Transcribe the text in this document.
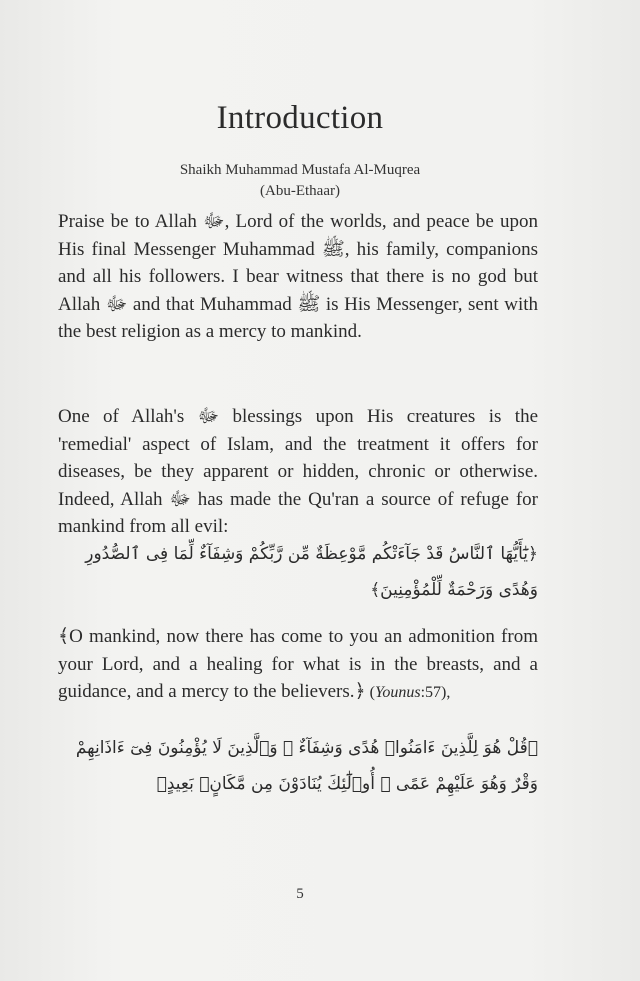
Introduction
Shaikh Muhammad Mustafa Al-Muqrea
(Abu-Ethaar)
Praise be to Allah ﷻ, Lord of the worlds, and peace be upon His final Messenger Muhammad ﷺ, his family, companions and all his followers. I bear witness that there is no god but Allah ﷻ and that Muhammad ﷺ is His Messenger, sent with the best religion as a mercy to mankind.
One of Allah's ﷻ blessings upon His creatures is the 'remedial' aspect of Islam, and the treatment it offers for diseases, be they apparent or hidden, chronic or otherwise. Indeed, Allah ﷻ has made the Qu'ran a source of refuge for mankind from all evil:
﴿يَٰٓأَيُّهَا ٱلنَّاسُ قَدْ جَآءَتْكُم مَّوْعِظَةٌ مِّن رَّبِّكُمْ وَشِفَآءٌ لِّمَا فِى ٱلصُّدُورِ وَهُدًى وَرَحْمَةٌ لِّلْمُؤْمِنِينَ﴾
﴾O mankind, now there has come to you an admonition from your Lord, and a healing for what is in the breasts, and a guidance, and a mercy to the believers.﴿ (Younus:57),
﴿قُلْ هُوَ لِلَّذِينَ ءَامَنُوا۟ هُدًى وَشِفَآءٌ ۖ وَٱلَّذِينَ لَا يُؤْمِنُونَ فِىٓ ءَاذَانِهِمْ وَقْرٌ وَهُوَ عَلَيْهِمْ عَمًى ۚ أُو۟لَٰٓئِكَ يُنَادَوْنَ مِن مَّكَانٍۭ بَعِيدٍ﴾
5
